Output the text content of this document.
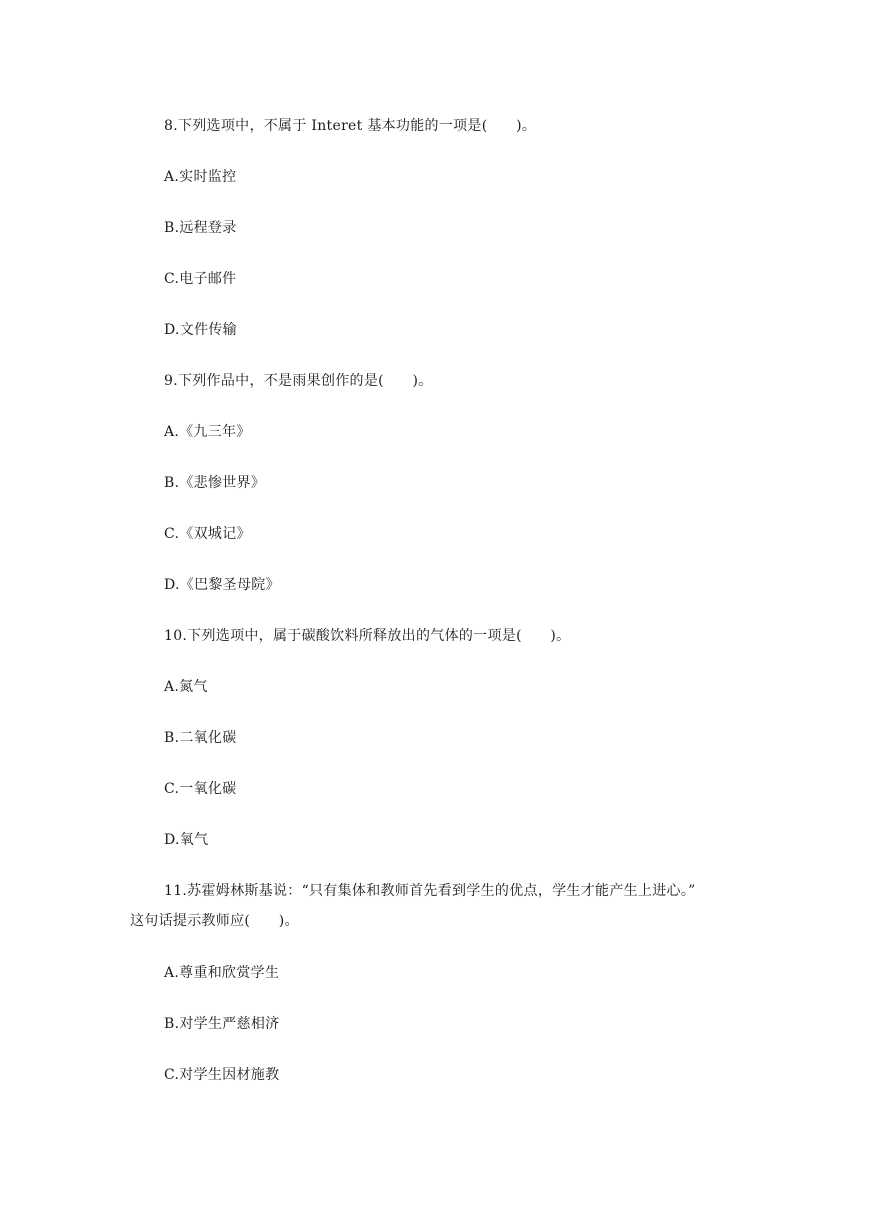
8.下列选项中，不属于 Interet 基本功能的一项是(　　)。
A.实时监控
B.远程登录
C.电子邮件
D.文件传输
9.下列作品中，不是雨果创作的是(　　)。
A.《九三年》
B.《悲惨世界》
C.《双城记》
D.《巴黎圣母院》
10.下列选项中，属于碳酸饮料所释放出的气体的一项是(　　)。
A.氮气
B.二氧化碳
C.一氧化碳
D.氧气
11.苏霍姆林斯基说：“只有集体和教师首先看到学生的优点，学生才能产生上进心。”
这句话提示教师应(　　)。
A.尊重和欣赏学生
B.对学生严慈相济
C.对学生因材施教
